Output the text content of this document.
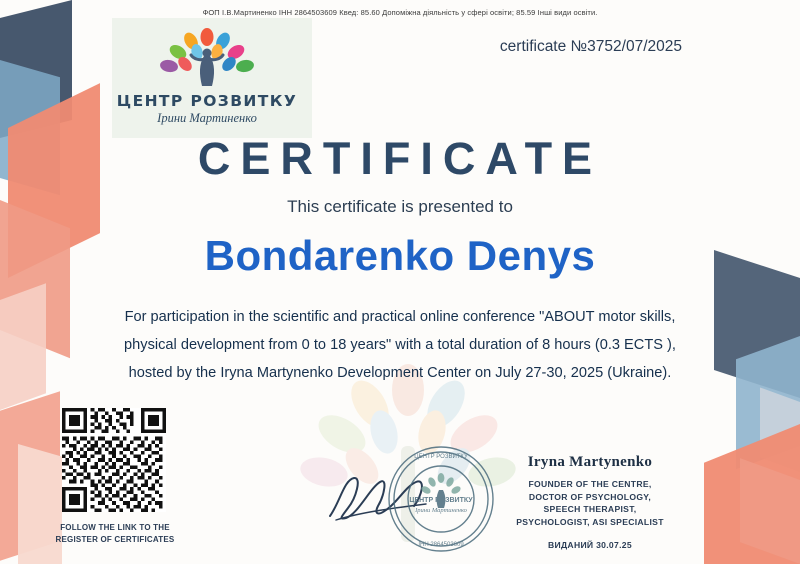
ФОП І.В.Мартиненко ІНН 2864503609 Квед: 85.60 Допоміжна діяльність у сфері освіти; 85.59 Інші види освіти.
ЦЕНТР РОЗВИТКУ
Ірини Мартиненко
certificate №3752/07/2025
CERTIFICATE
This certificate is presented to
Bondarenko Denys
For participation in the scientific and practical online conference "ABOUT motor skills,
physical development from 0 to 18 years" with a total duration of 8 hours (0.3 ECTS ),
hosted by the Iryna Martynenko Development Center on July 27-30, 2025 (Ukraine).
FOLLOW THE LINK TO THE
REGISTER OF CERTIFICATES
ЦЕНТР РОЗВИТКУ
ІНН 2864503609
ЦЕНТР РОЗВИТКУ
Ірини Мартиненко
Iryna Martynenko
FOUNDER OF THE CENTRE,
DOCTOR OF PSYCHOLOGY,
SPEECH THERAPIST,
PSYCHOLOGIST, ASI SPECIALIST
ВИДАНИЙ 30.07.25
